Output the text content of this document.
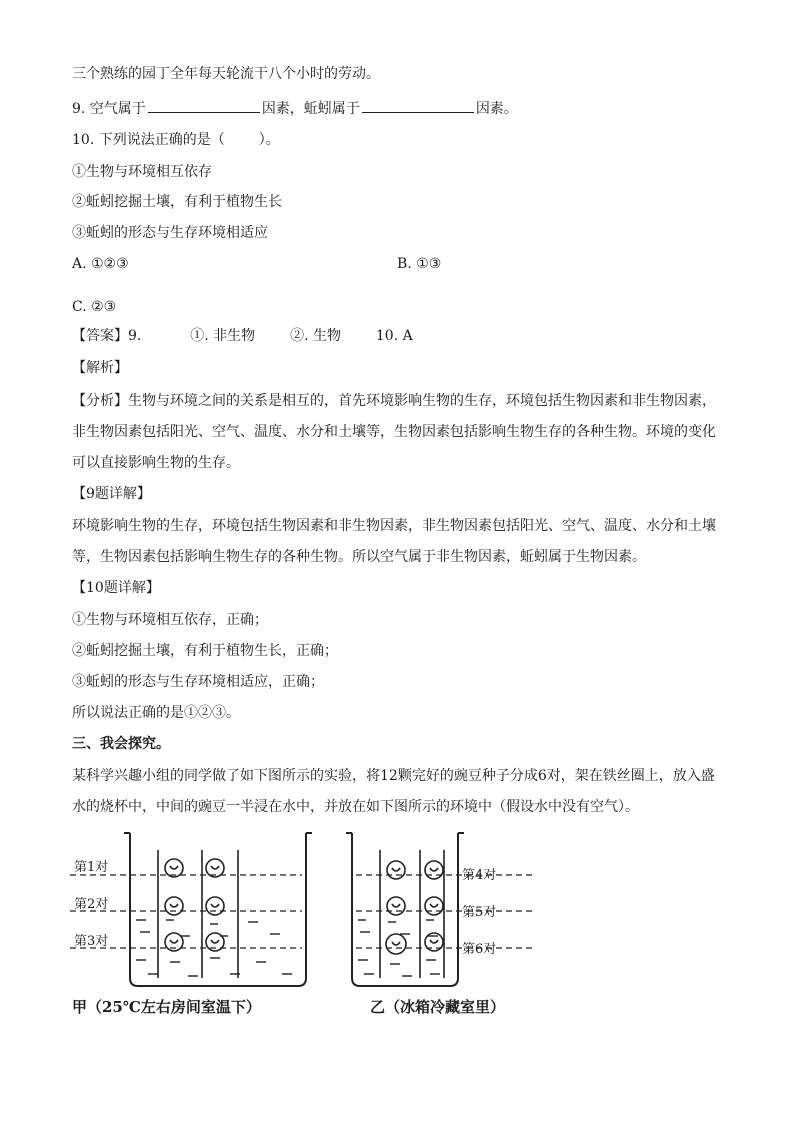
三个熟练的园丁全年每天轮流干八个小时的劳动。
9. 空气属于	因素，蚯蚓属于	因素。
10. 下列说法正确的是（ ）。
①生物与环境相互依存
②蚯蚓挖掘土壤，有利于植物生长
③蚯蚓的形态与生存环境相适应
A. ①②③	B. ①③
C. ②③
【答案】9.	①. 非生物 ②. 生物 10. A
【解析】
【分析】生物与环境之间的关系是相互的，首先环境影响生物的生存，环境包括生物因素和非生物因素，
非生物因素包括阳光、空气、温度、水分和土壤等，生物因素包括影响生物生存的各种生物。环境的变化
可以直接影响生物的生存。
【9题详解】
环境影响生物的生存，环境包括生物因素和非生物因素，非生物因素包括阳光、空气、温度、水分和土壤
等，生物因素包括影响生物生存的各种生物。所以空气属于非生物因素，蚯蚓属于生物因素。
【10题详解】
①生物与环境相互依存，正确；
②蚯蚓挖掘土壤，有利于植物生长，正确；
③蚯蚓的形态与生存环境相适应，正确；
所以说法正确的是①②③。
三、我会探究。
某科学兴趣小组的同学做了如下图所示的实验，将12颗完好的豌豆种子分成6对，架在铁丝圈上，放入盛
水的烧杯中，中间的豌豆一半浸在水中，并放在如下图所示的环境中（假设水中没有空气）。
第1对
第2对
第3对
第4对
第5对
第6对
甲（25℃左右房间室温下）	乙（冰箱冷藏室里）
